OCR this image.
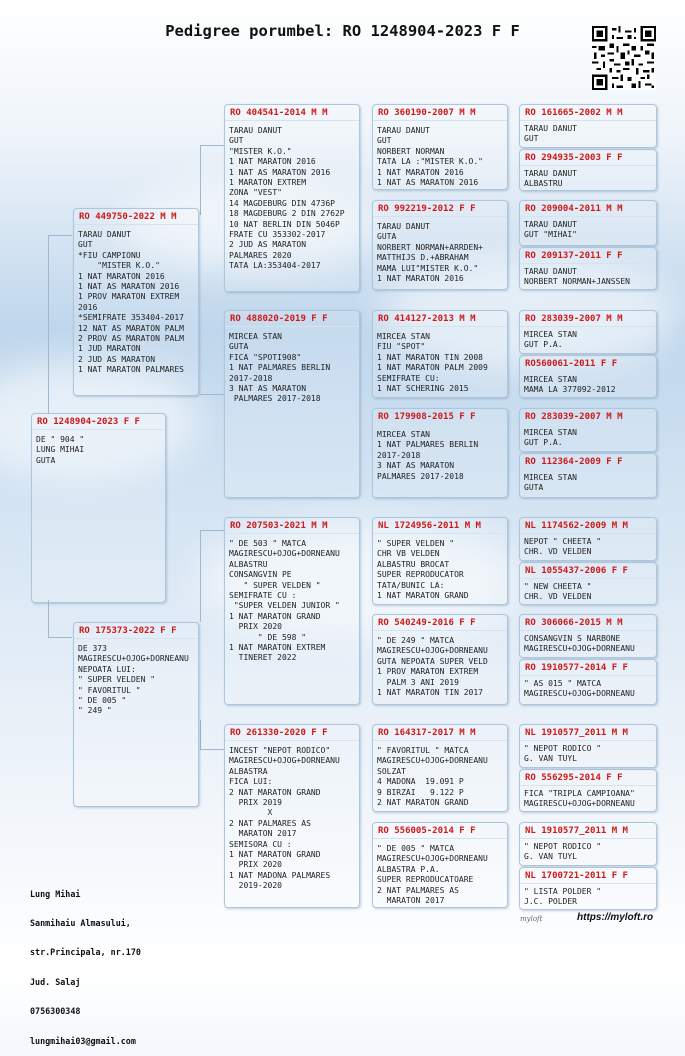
Pedigree porumbel: RO 1248904-2023 F F
RO 1248904-2023 F F
DE " 904 "
LUNG MIHAI
GUTA
RO 449750-2022 M M
TARAU DANUT
GUT
*FIU CAMPIONU
"MISTER K.O."
1 NAT MARATON 2016
1 NAT AS MARATON 2016
1 PROV MARATON EXTREM
2016
*SEMIFRATE 353404-2017
12 NAT AS MARATON PALM
2 PROV AS MARATON PALM
1 JUD MARATON
2 JUD AS MARATON
1 NAT MARATON PALMARES
RO 175373-2022 F F
DE 373
MAGIRESCU+OJOG+DORNEANU
NEPOATA LUI:
" SUPER VELDEN "
" FAVORITUL "
" DE 005 "
" 249 "
RO 404541-2014 M M
TARAU DANUT
GUT
"MISTER K.O."
1 NAT MARATON 2016
1 NAT AS MARATON 2016
1 MARATON EXTREM
ZONA "VEST"
14 MAGDEBURG DIN 4736P
18 MAGDEBURG 2 DIN 2762P
10 NAT BERLIN DIN 5046P
FRATE CU 353302-2017
2 JUD AS MARATON
PALMARES 2020
TATA LA:353404-2017
RO 488020-2019 F F
MIRCEA STAN
GUTA
FICA "SPOTI908"
1 NAT PALMARES BERLIN
2017-2018
3 NAT AS MARATON
PALMARES 2017-2018
RO 207503-2021 M M
" DE 503 " MATCA
MAGIRESCU+OJOG+DORNEANU
ALBASTRU
CONSANGVIN PE
" SUPER VELDEN "
SEMIFRATE CU :
"SUPER VELDEN JUNIOR "
1 NAT MARATON GRAND
PRIX 2020
" DE 598 "
1 NAT MARATON EXTREM
TINERET 2022
RO 261330-2020 F F
INCEST "NEPOT RODICO"
MAGIRESCU+OJOG+DORNEANU
ALBASTRA
FICA LUI:
2 NAT MARATON GRAND
PRIX 2019
X
2 NAT PALMARES AS
MARATON 2017
SEMISORA CU :
1 NAT MARATON GRAND
PRIX 2020
1 NAT MADONA PALMARES
2019-2020
RO 360190-2007 M M
TARAU DANUT
GUT
NORBERT NORMAN
TATA LA :"MISTER K.O."
1 NAT MARATON 2016
1 NAT AS MARATON 2016
RO 992219-2012 F F
TARAU DANUT
GUTA
NORBERT NORMAN+ARRDEN+
MATTHIJS D.+ABRAHAM
MAMA LUI"MISTER K.O."
1 NAT MARATON 2016
RO 414127-2013 M M
MIRCEA STAN
FIU "SPOT"
1 NAT MARATON TIN 2008
1 NAT MARATON PALM 2009
SEMIFRATE CU:
1 NAT SCHERING 2015
RO 179908-2015 F F
MIRCEA STAN
1 NAT PALMARES BERLIN
2017-2018
3 NAT AS MARATON
PALMARES 2017-2018
NL 1724956-2011 M M
" SUPER VELDEN "
CHR VB VELDEN
ALBASTRU BROCAT
SUPER REPRODUCATOR
TATA/BUNIC LA:
1 NAT MARATON GRAND
RO 540249-2016 F F
" DE 249 " MATCA
MAGIRESCU+OJOG+DORNEANU
GUTA NEPOATA SUPER VELD
1 PROV MARATON EXTREM
PALM 3 ANI 2019
1 NAT MARATON TIN 2017
RO 164317-2017 M M
" FAVORITUL " MATCA
MAGIRESCU+OJOG+DORNEANU
SOLZAT
4 MADONA  19.091 P
9 BIRZAI   9.122 P
2 NAT MARATON GRAND
RO 556005-2014 F F
" DE 005 " MATCA
MAGIRESCU+OJOG+DORNEANU
ALBASTRA P.A.
SUPER REPRODUCATOARE
2 NAT PALMARES AS
MARATON 2017
RO 161665-2002 M M
TARAU DANUT
GUT
RO 294935-2003 F F
TARAU DANUT
ALBASTRU
RO 209004-2011 M M
TARAU DANUT
GUT "MIHAI"
RO 209137-2011 F F
TARAU DANUT
NORBERT NORMAN+JANSSEN
RO 283039-2007 M M
MIRCEA STAN
GUT P.A.
RO560061-2011 F F
MIRCEA STAN
MAMA LA 377092-2012
RO 283039-2007 M M
MIRCEA STAN
GUT P.A.
RO 112364-2009 F F
MIRCEA STAN
GUTA
NL 1174562-2009 M M
NEPOT " CHEETA "
CHR. VD VELDEN
NL 1055437-2006 F F
" NEW CHEETA "
CHR. VD VELDEN
RO 306066-2015 M M
CONSANGVIN S NARBONE
MAGIRESCU+OJOG+DORNEANU
RO 1910577-2014 F F
" AS 015 " MATCA
MAGIRESCU+OJOG+DORNEANU
NL 1910577_2011 M M
" NEPOT RODICO "
G. VAN TUYL
RO 556295-2014 F F
FICA "TRIPLA CAMPIOANA"
MAGIRESCU+OJOG+DORNEANU
NL 1910577_2011 M M
" NEPOT RODICO "
G. VAN TUYL
NL 1700721-2011 F F
" LISTA POLDER "
J.C. POLDER

Lung Mihai

Sanmihaiu Almasului,

str.Principala, nr.170

Jud. Salaj

0756300348

lungmihai03@gmail.com

myloft	https://myloft.ro
